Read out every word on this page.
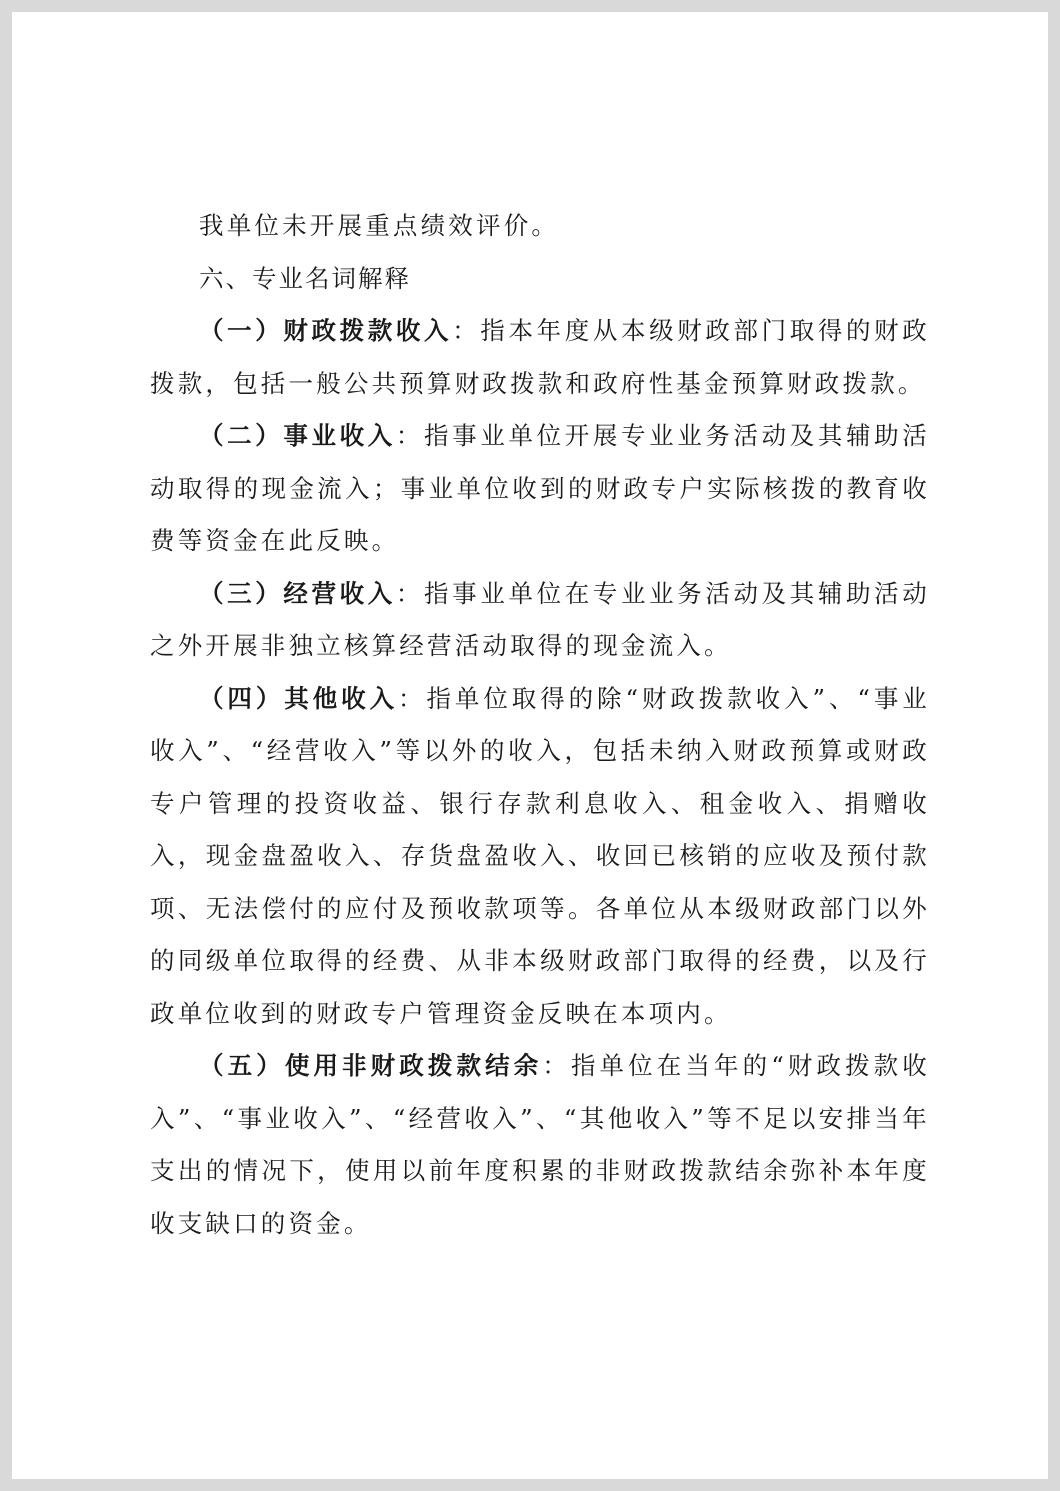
我单位未开展重点绩效评价。

六、专业名词解释

（一）财政拨款收入：指本年度从本级财政部门取得的财政拨款，包括一般公共预算财政拨款和政府性基金预算财政拨款。

（二）事业收入：指事业单位开展专业业务活动及其辅助活动取得的现金流入；事业单位收到的财政专户实际核拨的教育收费等资金在此反映。

（三）经营收入：指事业单位在专业业务活动及其辅助活动之外开展非独立核算经营活动取得的现金流入。

（四）其他收入：指单位取得的除“财政拨款收入”、“事业收入”、“经营收入”等以外的收入，包括未纳入财政预算或财政专户管理的投资收益、银行存款利息收入、租金收入、捐赠收入，现金盘盈收入、存货盘盈收入、收回已核销的应收及预付款项、无法偿付的应付及预收款项等。各单位从本级财政部门以外的同级单位取得的经费、从非本级财政部门取得的经费，以及行政单位收到的财政专户管理资金反映在本项内。

（五）使用非财政拨款结余：指单位在当年的“财政拨款收入”、“事业收入”、“经营收入”、“其他收入”等不足以安排当年支出的情况下，使用以前年度积累的非财政拨款结余弥补本年度收支缺口的资金。
